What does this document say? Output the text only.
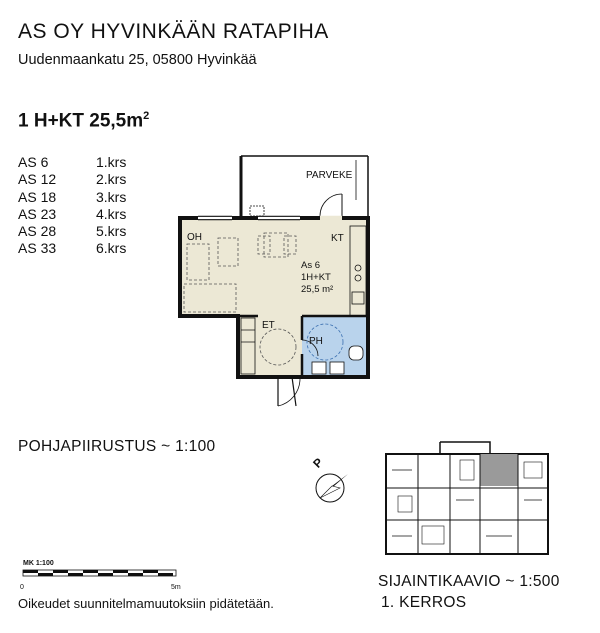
AS OY HYVINKÄÄN RATAPIHA
Uudenmaankatu 25, 05800 Hyvinkää
1 H+KT $25,5m^2$
AS 6	1.krs
AS 12	2.krs
AS 18	3.krs
AS 23	4.krs
AS 28	5.krs
AS 33	6.krs
PARVEKE
OH	KT
ET
PH
As 6
1H+KT
25,5 m²
P
POHJAPIIRUSTUS ~ 1:100
MK 1:100
0	5m	SIJAINTIKAAVIO ~ 1:500
1. KERROS
Oikeudet suunnitelmamuutoksiin pidätetään.
